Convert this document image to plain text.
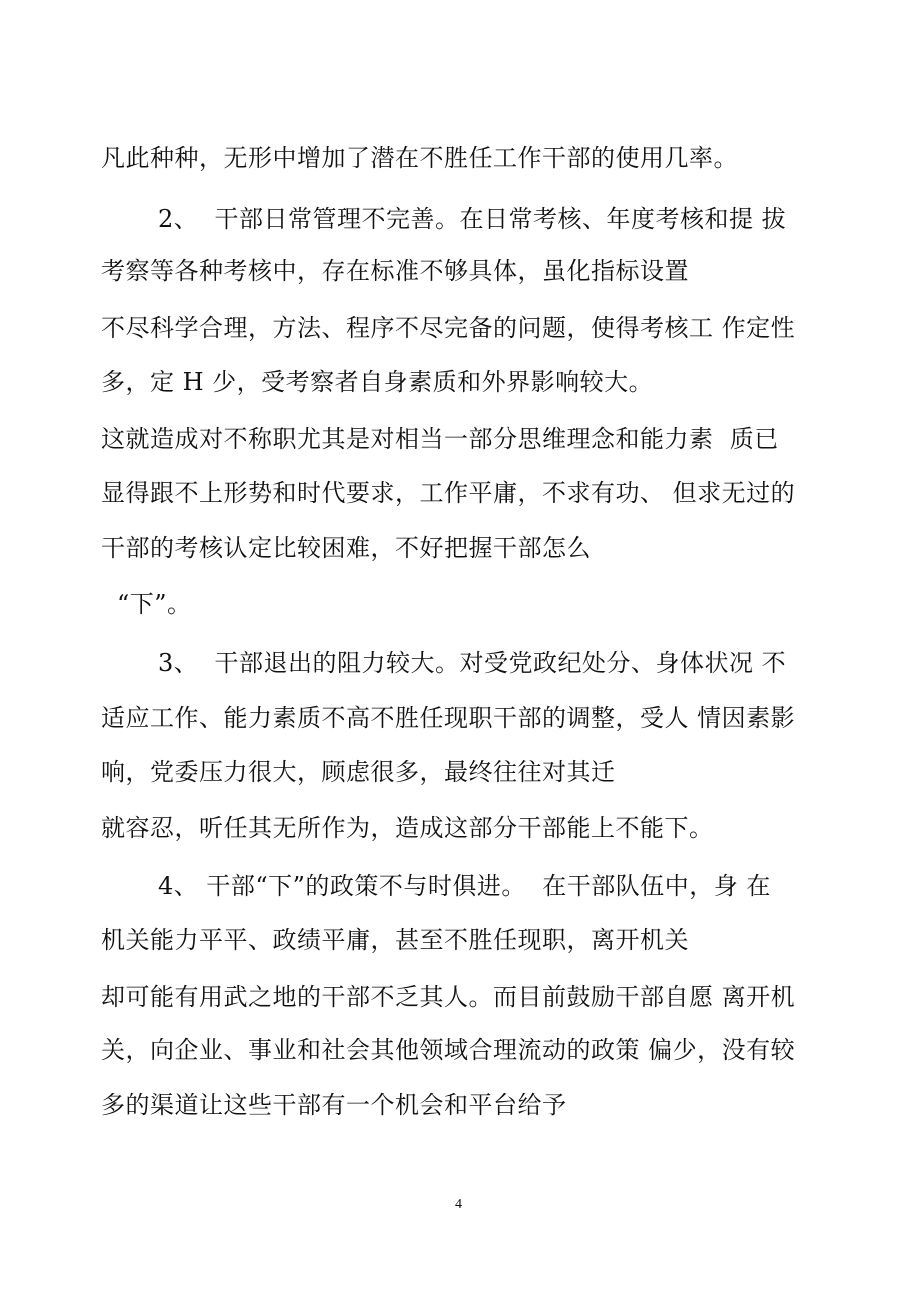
凡此种种，无形中增加了潜在不胜任工作干部的使用几率。
2、  干部日常管理不完善。在日常考核、年度考核和提 拔
考察等各种考核中，存在标准不够具体，虽化指标设置
不尽科学合理，方法、程序不尽完备的问题，使得考核工 作定性
多，定 H 少，受考察者自身素质和外界影响较大。
这就造成对不称职尤其是对相当一部分思维理念和能力素  质已
显得跟不上形势和时代要求，工作平庸，不求有功、 但求无过的
干部的考核认定比较困难，不好把握干部怎么
“下”。
3、  干部退出的阻力较大。对受党政纪处分、身体状况 不
适应工作、能力素质不高不胜任现职干部的调整，受人 情因素影
响，党委压力很大，顾虑很多，最终往往对其迁
就容忍，听任其无所作为，造成这部分干部能上不能下。
4、 干部“下”的政策不与时俱进。  在干部队伍中，身 在
机关能力平平、政绩平庸，甚至不胜任现职，离开机关
却可能有用武之地的干部不乏其人。而目前鼓励干部自愿 离开机
关，向企业、事业和社会其他领域合理流动的政策 偏少，没有较
多的渠道让这些干部有一个机会和平台给予
4
